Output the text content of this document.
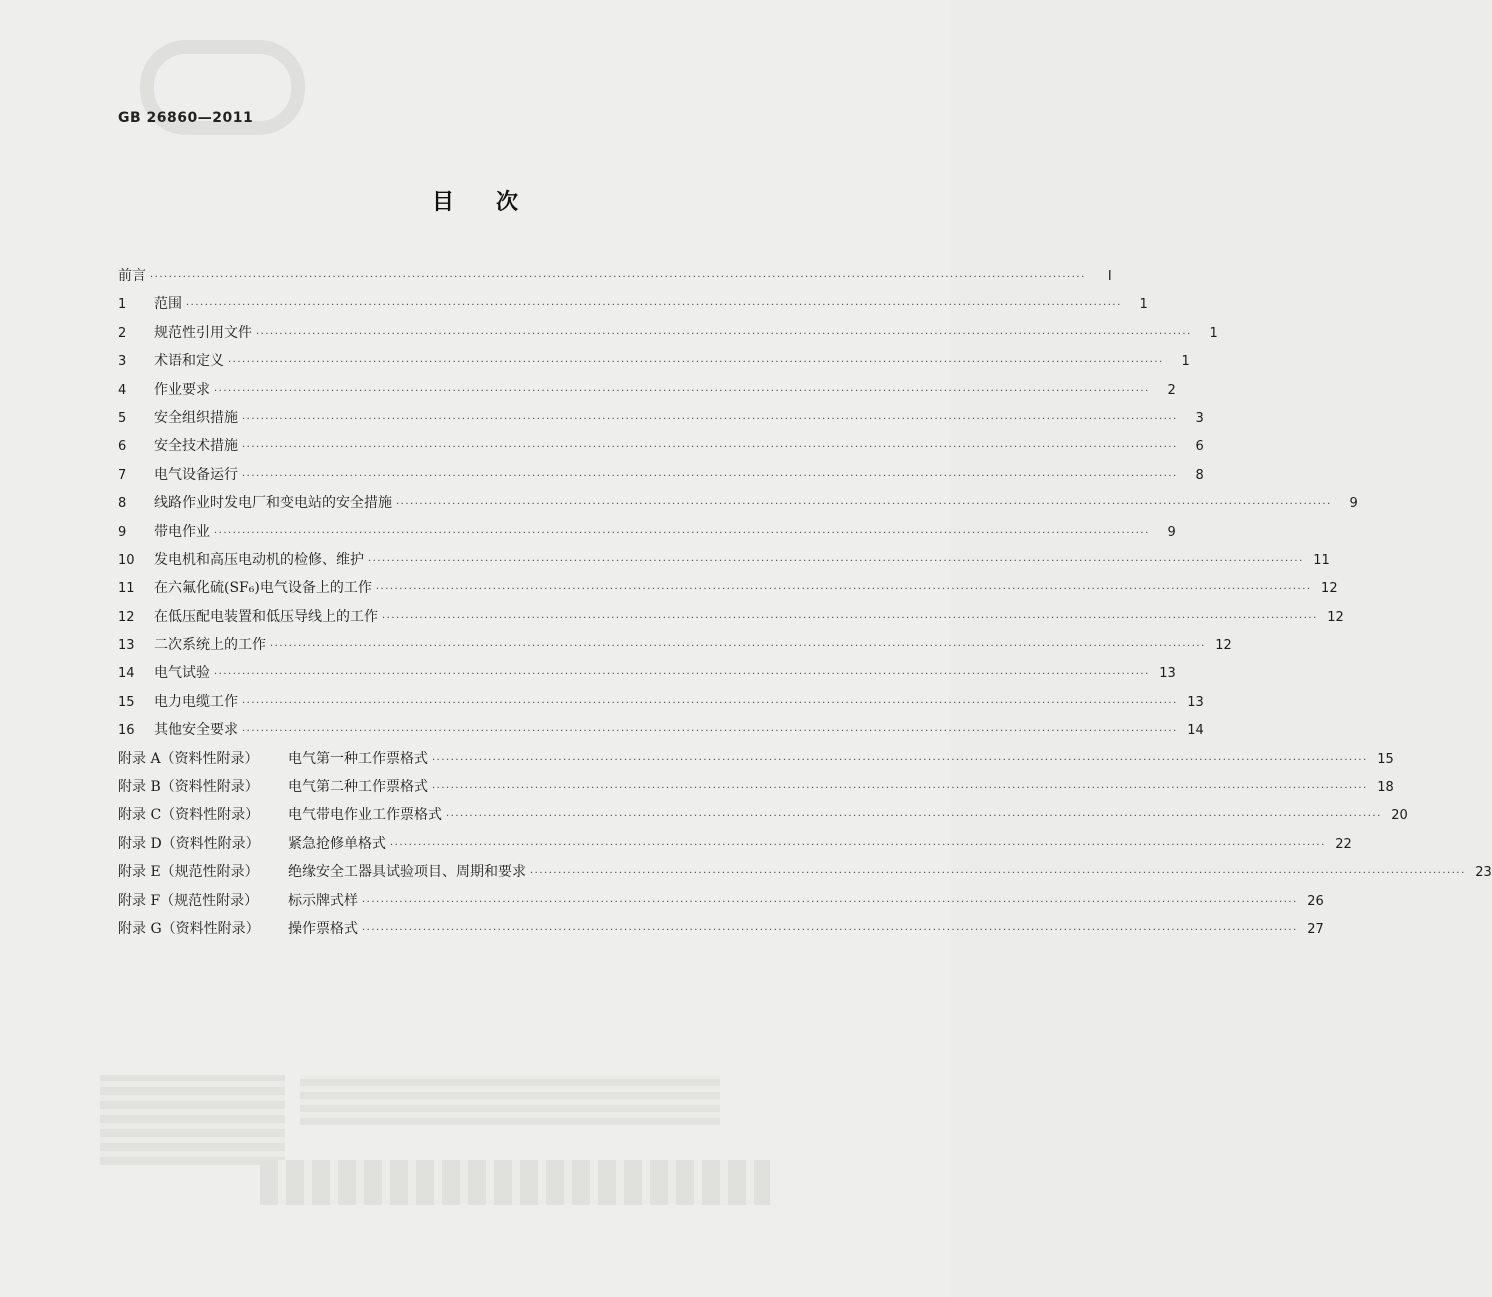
GB 26860—2011
目 次
前言 ········································································································································································································	Ⅰ
1	范围 ········································································································································································································	1
2	规范性引用文件 ········································································································································································································	1
3	术语和定义 ········································································································································································································	1
4	作业要求 ········································································································································································································	2
5	安全组织措施 ········································································································································································································	3
6	安全技术措施 ········································································································································································································	6
7	电气设备运行 ········································································································································································································	8
8	线路作业时发电厂和变电站的安全措施 ········································································································································································································	9
9	带电作业 ········································································································································································································	9
10	发电机和高压电动机的检修、维护 ········································································································································································································ 11
11	在六氟化硫(SF₆)电气设备上的工作 ········································································································································································································ 12
12	在低压配电装置和低压导线上的工作 ········································································································································································································ 12
13	二次系统上的工作 ········································································································································································································ 12
14	电气试验 ········································································································································································································ 13
15	电力电缆工作 ········································································································································································································ 13
16	其他安全要求 ········································································································································································································ 14
附录 A（资料性附录）	电气第一种工作票格式 ········································································································································································································ 15
附录 B（资料性附录）	电气第二种工作票格式 ········································································································································································································ 18
附录 C（资料性附录）	电气带电作业工作票格式 ········································································································································································································ 20
附录 D（资料性附录）	紧急抢修单格式 ········································································································································································································ 22
附录 E（规范性附录）	绝缘安全工器具试验项目、周期和要求 ········································································································································································································ 23
附录 F（规范性附录）	标示牌式样 ········································································································································································································ 26
附录 G（资料性附录）	操作票格式 ········································································································································································································ 27
